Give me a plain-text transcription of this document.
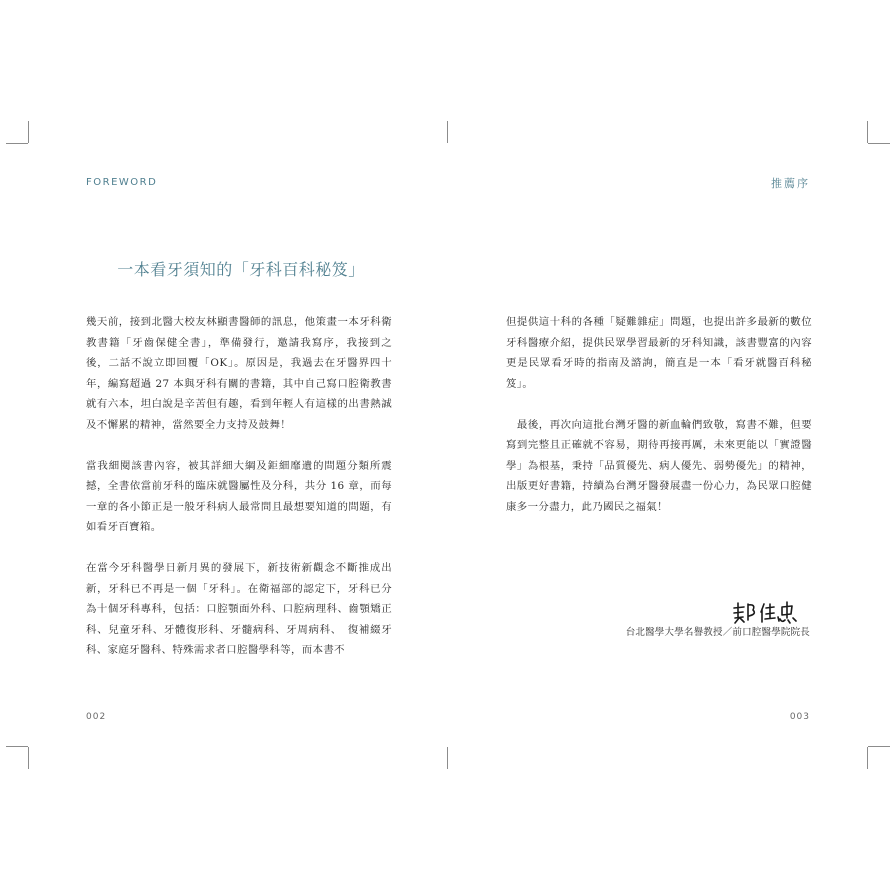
FOREWORD
一本看牙須知的「牙科百科秘笈」

幾天前，接到北醫大校友林顯書醫師的訊息，他策畫一本牙科衛教書籍「牙齒保健全書」，準備發行，邀請我寫序，我接到之後，二話不說立即回覆「OK」。原因是，我過去在牙醫界四十年，編寫超過 27 本與牙科有關的書籍，其中自己寫口腔衛教書就有六本，坦白說是辛苦但有趣，看到年輕人有這樣的出書熱誠及不懈累的精神，當然要全力支持及鼓舞！

當我細閱該書內容，被其詳細大綱及鉅細靡遺的問題分類所震撼，全書依當前牙科的臨床就醫屬性及分科，共分 16 章，而每一章的各小節正是一般牙科病人最常問且最想要知道的問題，有如看牙百寶箱。

在當今牙科醫學日新月異的發展下，新技術新觀念不斷推成出新，牙科已不再是一個「牙科」。在衛福部的認定下，牙科已分為十個牙科專科，包括：口腔顎面外科、口腔病理科、齒顎矯正科、兒童牙科、牙體復形科、牙髓病科、牙周病科、　復補綴牙科、家庭牙醫科、特殊需求者口腔醫學科等，而本書不

002
推薦序

但提供這十科的各種「疑難雜症」問題，也提出許多最新的數位牙科醫療介紹，提供民眾學習最新的牙科知識，該書豐富的內容更是民眾看牙時的指南及諮詢，簡直是一本「看牙就醫百科秘笈」。

　最後，再次向這批台灣牙醫的新血輪們致敬，寫書不難，但要寫到完整且正確就不容易，期待再接再厲，未來更能以「實證醫學」為根基，秉持「品質優先、病人優先、弱勢優先」的精神，出版更好書籍，持續為台灣牙醫發展盡一份心力，為民眾口腔健康多一分盡力，此乃國民之福氣！

台北醫學大學名譽教授／前口腔醫學院院長
003
